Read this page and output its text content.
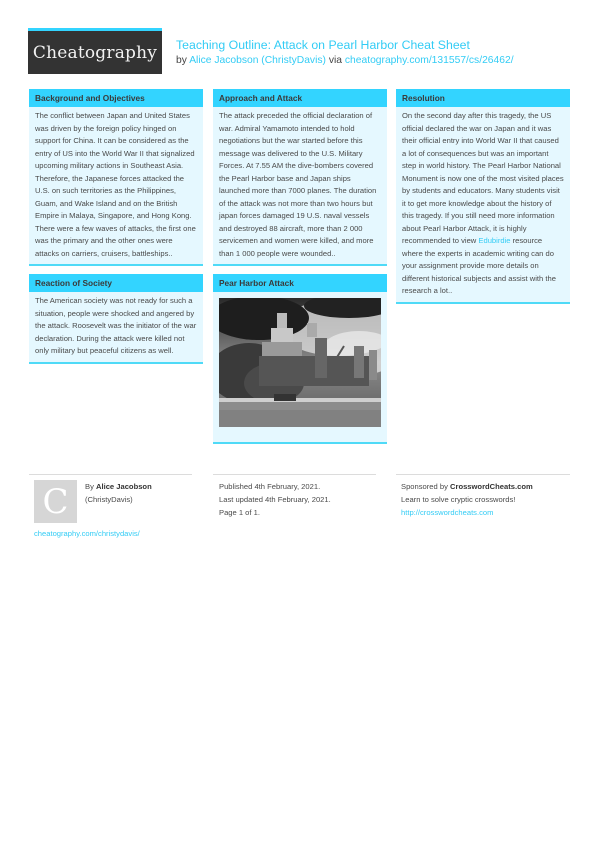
Cheatography Teaching Outline: Attack on Pearl Harbor Cheat Sheet
by Alice Jacobson (ChristyDavis) via cheatography.com/131557/cs/26462/
Background and Objectives
The conflict between Japan and United States was driven by the foreign policy hinged on support for China. It can be considered as the entry of US into the World War II that signalized upcoming military actions in Southeast Asia. Therefore, the Japanese forces attacked the U.S. on such territories as the Philippines, Guam, and Wake Island and on the British Empire in Malaya, Singapore, and Hong Kong. There were a few waves of attacks, the first one was the primary and the other ones were attacks on carriers, cruisers, battleships..
Reaction of Society
The American society was not ready for such a situation, people were shocked and angered by the attack. Roosevelt was the initiator of the war declaration. During the attack were killed not only military but peaceful citizens as well.
Approach and Attack
The attack preceded the official declaration of war. Admiral Yamamoto intended to hold negotiations but the war started before this message was delivered to the U.S. Military Forces. At 7.55 AM the dive-bombers covered the Pearl Harbor base and Japan ships launched more than 7000 planes. The duration of the attack was not more than two hours but japan forces damaged 19 U.S. naval vessels and destroyed 88 aircraft, more than 2 000 servicemen and women were killed, and more than 1 000 people were wounded..
Pear Harbor Attack
Resolution
On the second day after this tragedy, the US official declared the war on Japan and it was their official entry into World War II that caused a lot of consequences but was an important step in world history. The Pearl Harbor National Monument is now one of the most visited places by students and educators. Many students visit it to get more knowledge about the history of this tragedy. If you still need more information about Pearl Harbor Attack, it is highly recommended to view Edubirdie resource where the experts in academic writing can do your assignment provide more details on different historical subjects and assist with the research a lot..
C By Alice Jacobson
(ChristyDavis)
cheatography.com/christydavis/
Published 4th February, 2021.
Last updated 4th February, 2021.
Page 1 of 1.
Sponsored by CrosswordCheats.com
Learn to solve cryptic crosswords!
http://crosswordcheats.com
